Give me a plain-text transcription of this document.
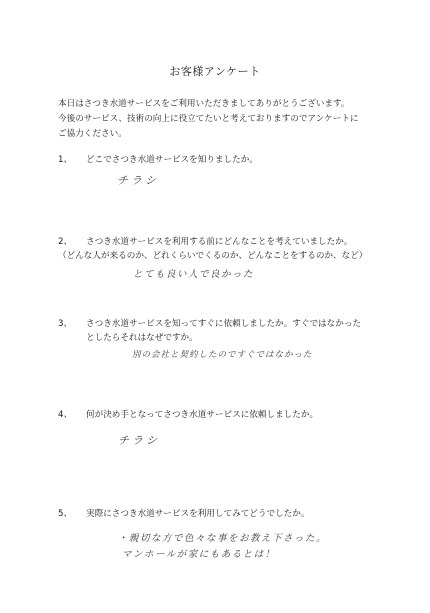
お客様アンケート
本日はさつき水道サービスをご利用いただきましてありがとうございます。
今後のサービス、技術の向上に役立てたいと考えておりますのでアンケートに
ご協力ください。
1、	どこでさつき水道サービスを知りましたか。
チラシ
2、	さつき水道サービスを利用する前にどんなことを考えていましたか。
（どんな人が来るのか、どれくらいでくるのか、どんなことをするのか、など）
とても良い人で良かった
3、	さつき水道サービスを知ってすぐに依頼しましたか。すぐではなかった
としたらそれはなぜですか。
別の会社と契約したのですぐではなかった
4、	何が決め手となってさつき水道サービスに依頼しましたか。
チラシ
5、	実際にさつき水道サービスを利用してみてどうでしたか。
・親切な方で色々な事をお教え下さった。
マンホールが家にもあるとは！
